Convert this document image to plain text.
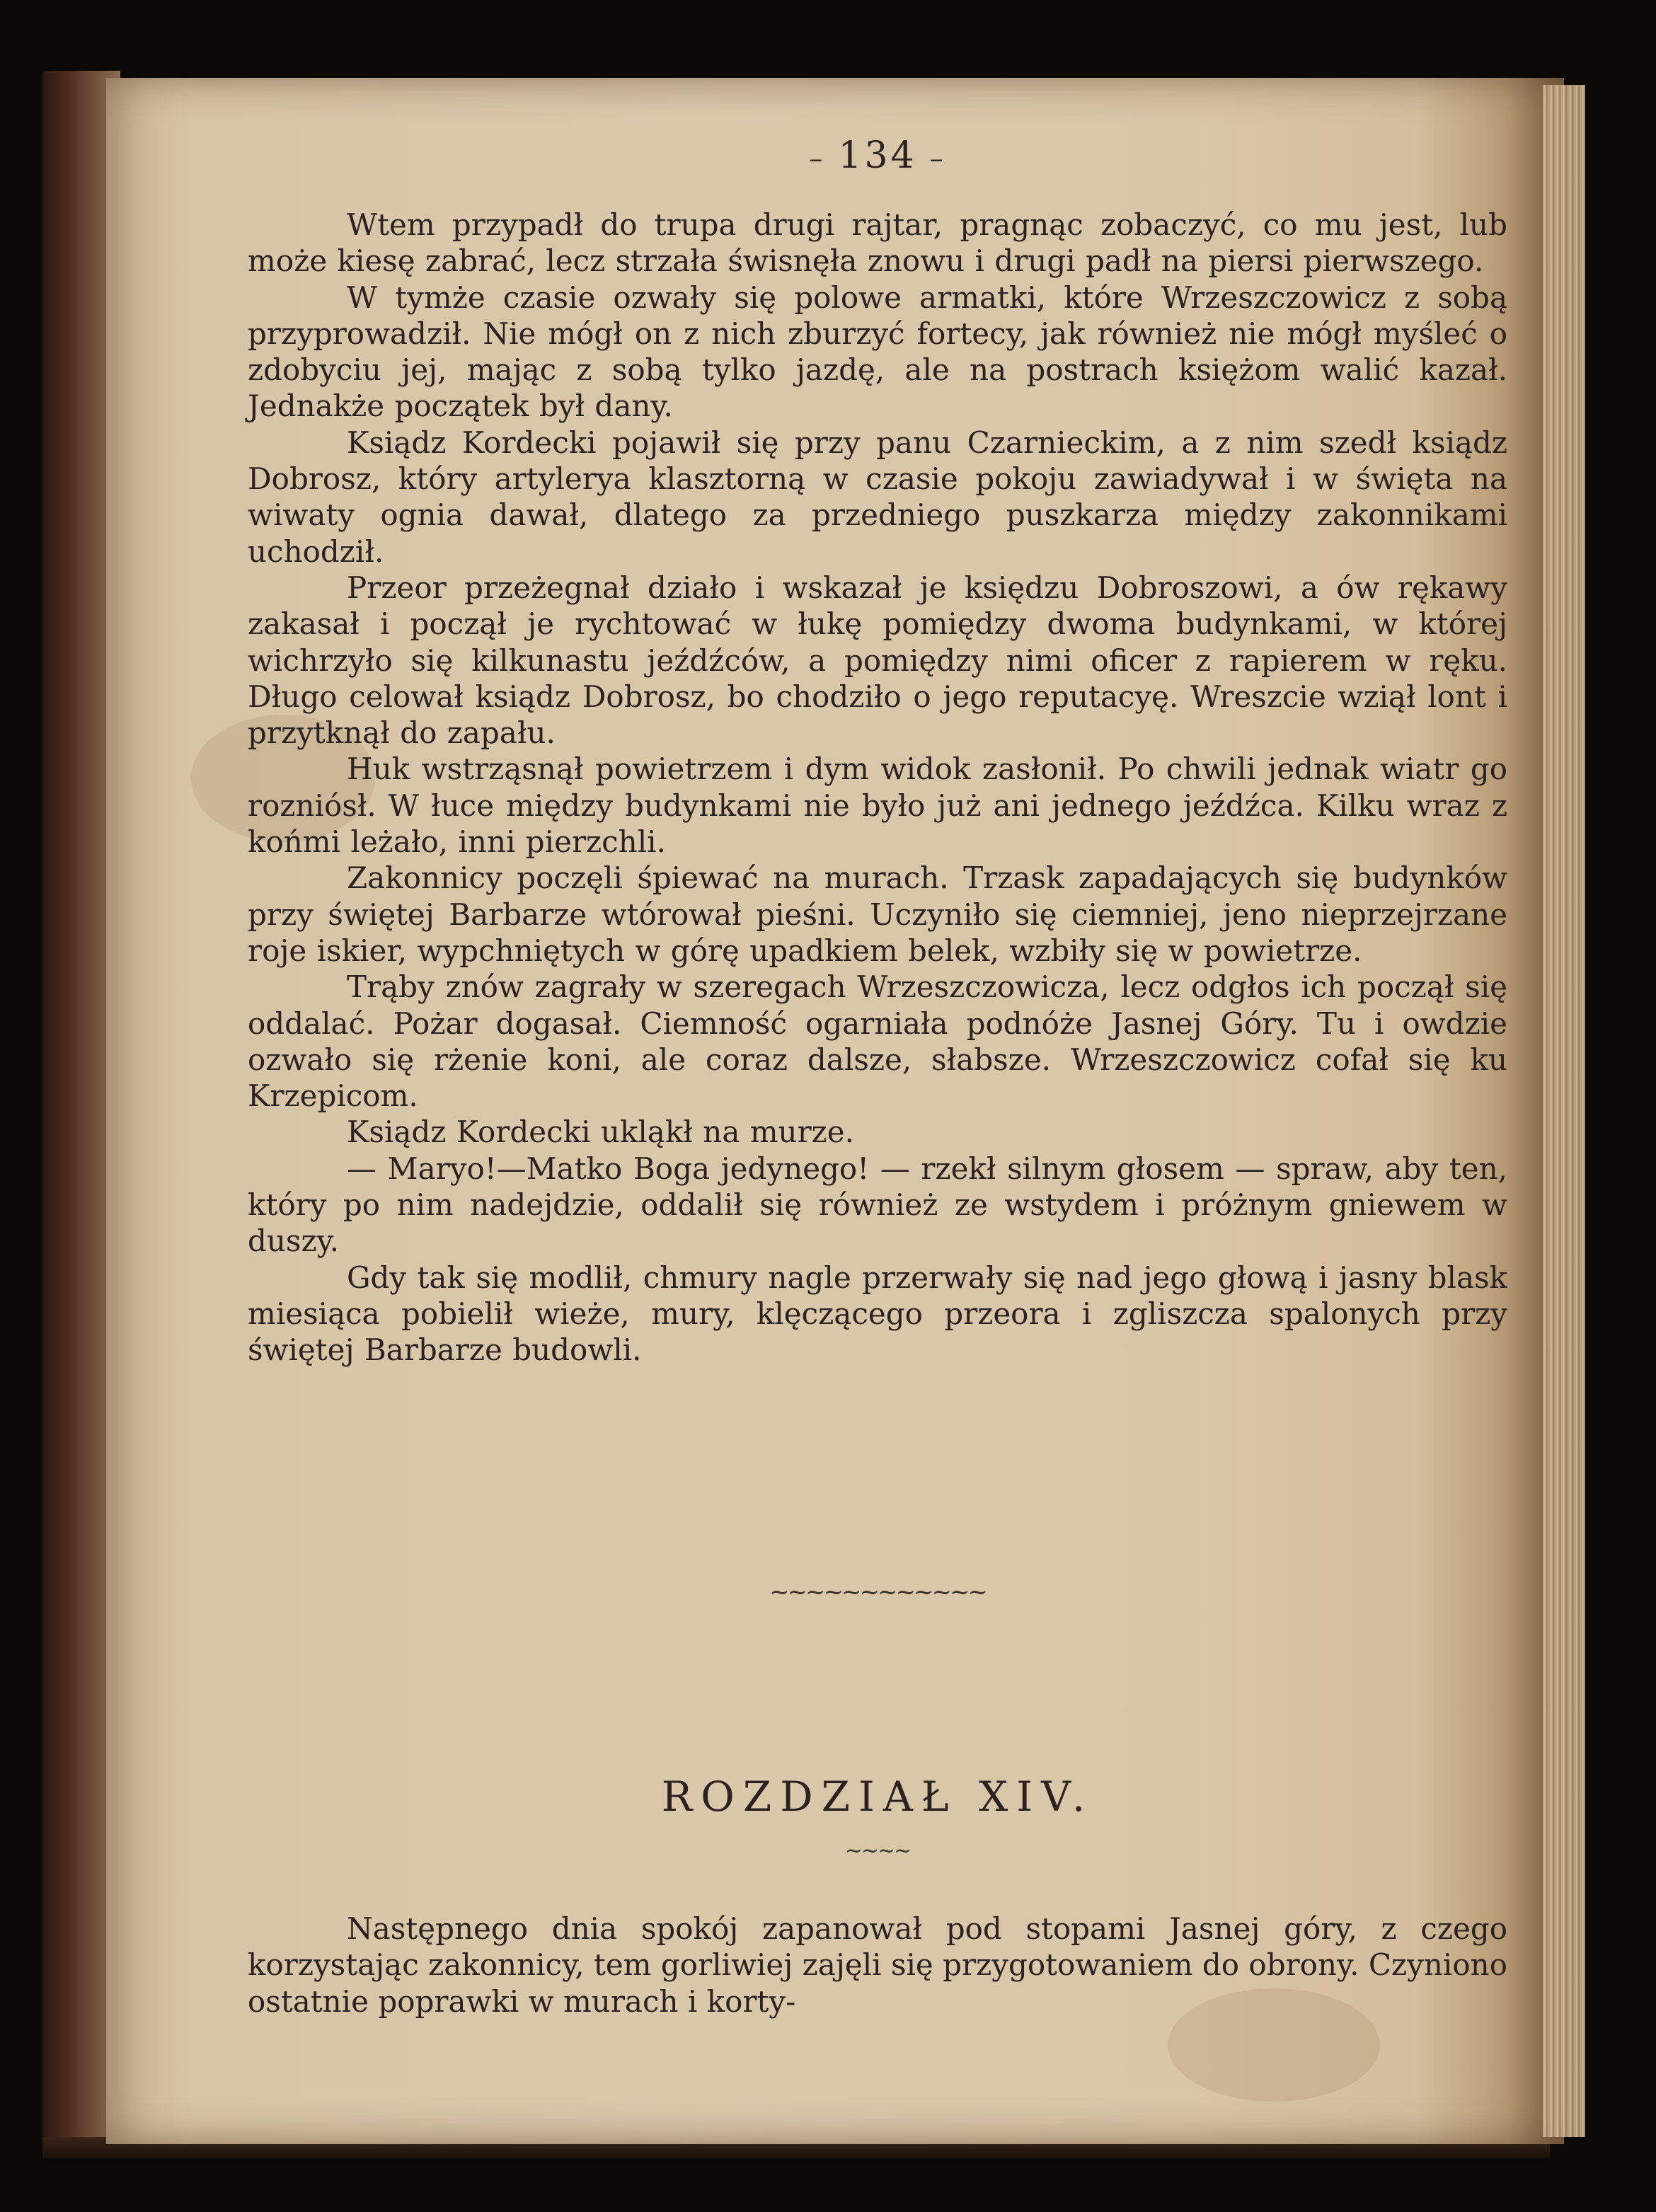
– 134 –

Wtem przypadł do trupa drugi rajtar, pragnąc zobaczyć, co mu jest, lub może kiesę zabrać, lecz strzała świsnęła znowu i drugi padł na piersi pierwszego.

W tymże czasie ozwały się polowe armatki, które Wrzeszczowicz z sobą przyprowadził. Nie mógł on z nich zburzyć fortecy, jak również nie mógł myśleć o zdobyciu jej, mając z sobą tylko jazdę, ale na postrach księżom walić kazał. Jednakże początek był dany.

Ksiądz Kordecki pojawił się przy panu Czarnieckim, a z nim szedł ksiądz Dobrosz, który artylerya klasztorną w czasie pokoju zawiadywał i w święta na wiwaty ognia dawał, dlatego za przedniego puszkarza między zakonnikami uchodził.

Przeor przeżegnał działo i wskazał je księdzu Dobroszowi, a ów rękawy zakasał i począł je rychtować w łukę pomiędzy dwoma budynkami, w której wichrzyło się kilkunastu jeźdźców, a pomiędzy nimi oficer z rapierem w ręku. Długo celował ksiądz Dobrosz, bo chodziło o jego reputacyę. Wreszcie wziął lont i przytknął do zapału.

Huk wstrząsnął powietrzem i dym widok zasłonił. Po chwili jednak wiatr go rozniósł. W łuce między budynkami nie było już ani jednego jeźdźca. Kilku wraz z końmi leżało, inni pierzchli.

Zakonnicy poczęli śpiewać na murach. Trzask zapadających się budynków przy świętej Barbarze wtórował pieśni. Uczyniło się ciemniej, jeno nieprzejrzane roje iskier, wypchniętych w górę upadkiem belek, wzbiły się w powietrze.

Trąby znów zagrały w szeregach Wrzeszczowicza, lecz odgłos ich począł się oddalać. Pożar dogasał. Ciemność ogarniała podnóże Jasnej Góry. Tu i owdzie ozwało się rżenie koni, ale coraz dalsze, słabsze. Wrzeszczowicz cofał się ku Krzepicom.

Ksiądz Kordecki ukląkł na murze.

— Maryo!—Matko Boga jedynego! — rzekł silnym głosem — spraw, aby ten, który po nim nadejdzie, oddalił się również ze wstydem i próżnym gniewem w duszy.

Gdy tak się modlił, chmury nagle przerwały się nad jego głową i jasny blask miesiąca pobielił wieże, mury, klęczącego przeora i zgliszcza spalonych przy świętej Barbarze budowli.

~~~~~~~~~~~~
ROZDZIAŁ XIV.
~~~~

Następnego dnia spokój zapanował pod stopami Jasnej góry, z czego korzystając zakonnicy, tem gorliwiej zajęli się przygotowaniem do obrony. Czyniono ostatnie poprawki w murach i korty-
